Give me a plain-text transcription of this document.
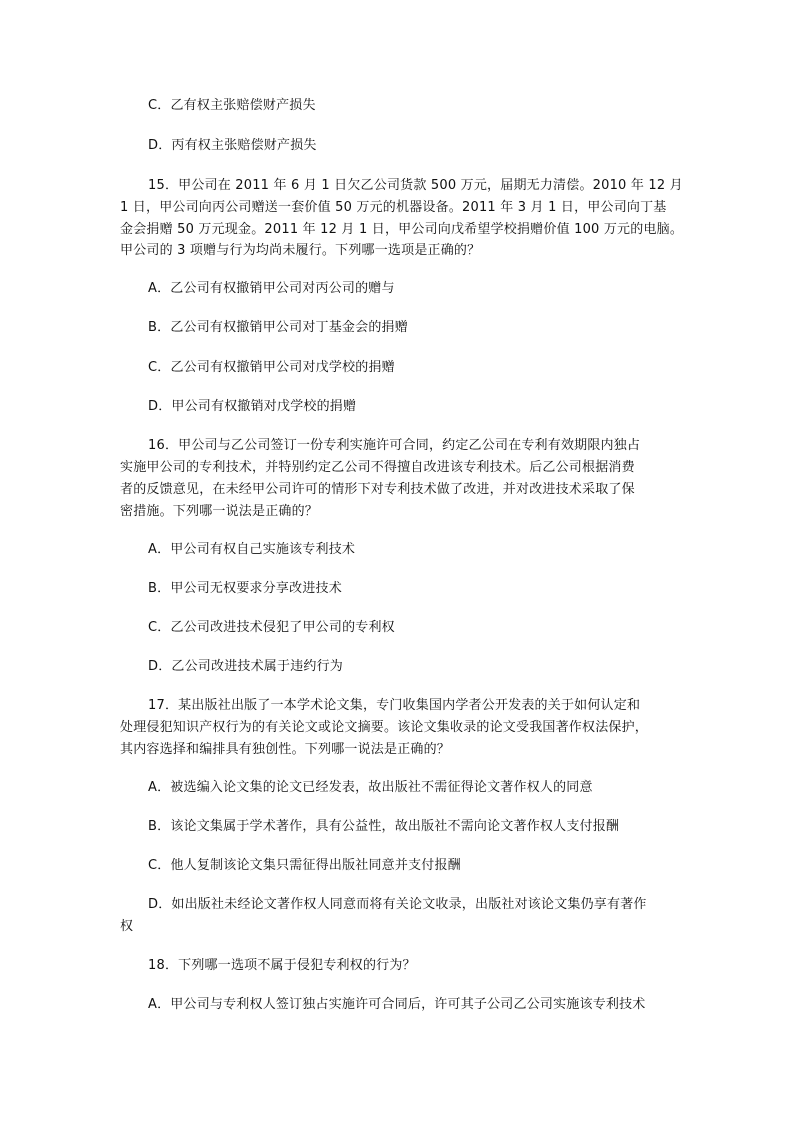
C．乙有权主张赔偿财产损失
D．丙有权主张赔偿财产损失
15．甲公司在 2011 年 6 月 1 日欠乙公司货款 500 万元，届期无力清偿。2010 年 12 月
1 日，甲公司向丙公司赠送一套价值 50 万元的机器设备。2011 年 3 月 1 日，甲公司向丁基
金会捐赠 50 万元现金。2011 年 12 月 1 日，甲公司向戊希望学校捐赠价值 100 万元的电脑。
甲公司的 3 项赠与行为均尚未履行。下列哪一选项是正确的？
A．乙公司有权撤销甲公司对丙公司的赠与
B．乙公司有权撤销甲公司对丁基金会的捐赠
C．乙公司有权撤销甲公司对戊学校的捐赠
D．甲公司有权撤销对戊学校的捐赠
16．甲公司与乙公司签订一份专利实施许可合同，约定乙公司在专利有效期限内独占
实施甲公司的专利技术，并特别约定乙公司不得擅自改进该专利技术。后乙公司根据消费
者的反馈意见，在未经甲公司许可的情形下对专利技术做了改进，并对改进技术采取了保
密措施。下列哪一说法是正确的？
A．甲公司有权自己实施该专利技术
B．甲公司无权要求分享改进技术
C．乙公司改进技术侵犯了甲公司的专利权
D．乙公司改进技术属于违约行为
17．某出版社出版了一本学术论文集，专门收集国内学者公开发表的关于如何认定和
处理侵犯知识产权行为的有关论文或论文摘要。该论文集收录的论文受我国著作权法保护，
其内容选择和编排具有独创性。下列哪一说法是正确的？
A．被选编入论文集的论文已经发表，故出版社不需征得论文著作权人的同意
B．该论文集属于学术著作，具有公益性，故出版社不需向论文著作权人支付报酬
C．他人复制该论文集只需征得出版社同意并支付报酬
D．如出版社未经论文著作权人同意而将有关论文收录，出版社对该论文集仍享有著作
权
18．下列哪一选项不属于侵犯专利权的行为？
A．甲公司与专利权人签订独占实施许可合同后，许可其子公司乙公司实施该专利技术
